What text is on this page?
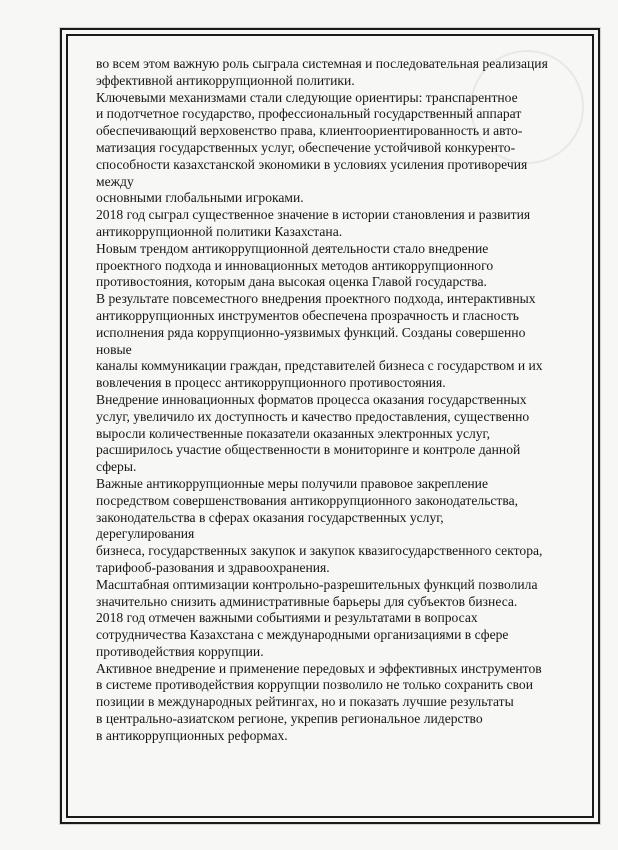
во всем этом важную роль сыграла системная и последовательная реализация
эффективной антикоррупционной политики.
Ключевыми механизмами стали следующие ориентиры: транспарентное
и подотчетное государство, профессиональный государственный аппарат
обеспечивающий верховенство права, клиентоориентированность и авто-
матизация государственных услуг, обеспечение устойчивой конкуренто-
способности казахстанской экономики в условиях усиления противоречия
между
основными глобальными игроками.
2018 год сыграл существенное значение в истории становления и развития
антикоррупционной политики Казахстана.
Новым трендом антикоррупционной деятельности стало внедрение
проектного подхода и инновационных методов антикоррупционного
противостояния, которым дана высокая оценка Главой государства.
В результате повсеместного внедрения проектного подхода, интерактивных
антикоррупционных инструментов обеспечена прозрачность и гласность
исполнения ряда коррупционно-уязвимых функций. Созданы совершенно
новые
каналы коммуникации граждан, представителей бизнеса с государством и их
вовлечения в процесс антикоррупционного противостояния.
Внедрение инновационных форматов процесса оказания государственных
услуг, увеличило их доступность и качество предоставления, существенно
выросли количественные показатели оказанных электронных услуг,
расширилось участие общественности в мониторинге и контроле данной
сферы.
Важные антикоррупционные меры получили правовое закрепление
посредством совершенствования антикоррупционного законодательства,
законодательства в сферах оказания государственных услуг,
дерегулирования
бизнеса, государственных закупок и закупок квазигосударственного сектора,
тарифооб-разования и здравоохранения.
Масштабная оптимизации контрольно-разрешительных функций позволила
значительно снизить административные барьеры для субъектов бизнеса.
2018 год отмечен важными событиями и результатами в вопросах
сотрудничества Казахстана с международными организациями в сфере
противодействия коррупции.
Активное внедрение и применение передовых и эффективных инструментов
в системе противодействия коррупции позволило не только сохранить свои
позиции в международных рейтингах, но и показать лучшие результаты
в центрально-азиатском регионе, укрепив региональное лидерство
в антикоррупционных реформах.
